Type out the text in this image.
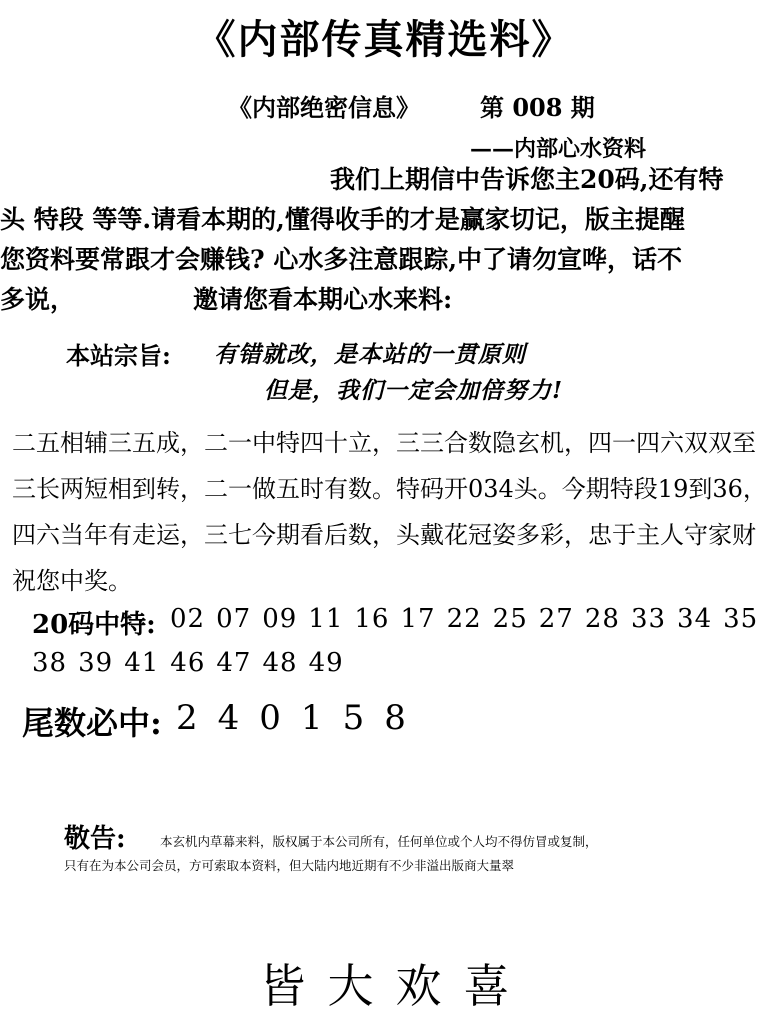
《内部传真精选料》
《内部绝密信息》	第 008 期
——内部心水资料
我们上期信中告诉您主20码,还有特
头 特段 等等.请看本期的,懂得收手的才是赢家切记，版主提醒
您资料要常跟才会赚钱? 心水多注意跟踪,中了请勿宣哗，话不
多说，	邀请您看本期心水来料:
本站宗旨: 有错就改，是本站的一贯原则
但是，我们一定会加倍努力!
二五相辅三五成，二一中特四十立，三三合数隐玄机，四一四六双双至
三长两短相到转，二一做五时有数。特码开034头。今期特段19到36，
四六当年有走运，三七今期看后数，头戴花冠姿多彩，忠于主人守家财
祝您中奖。
20码中特: 02 07 09 11 16 17 22 25 27 28 33 34 35
38 39 41 46 47 48 49
尾数必中: 2 4 0 1 5 8
敬告:	本玄机内草幕来料，版权属于本公司所有，任何单位或个人均不得仿冒或复制，
只有在为本公司会员，方可索取本资料，但大陆内地近期有不少非溢出版商大量翠
皆大欢喜
